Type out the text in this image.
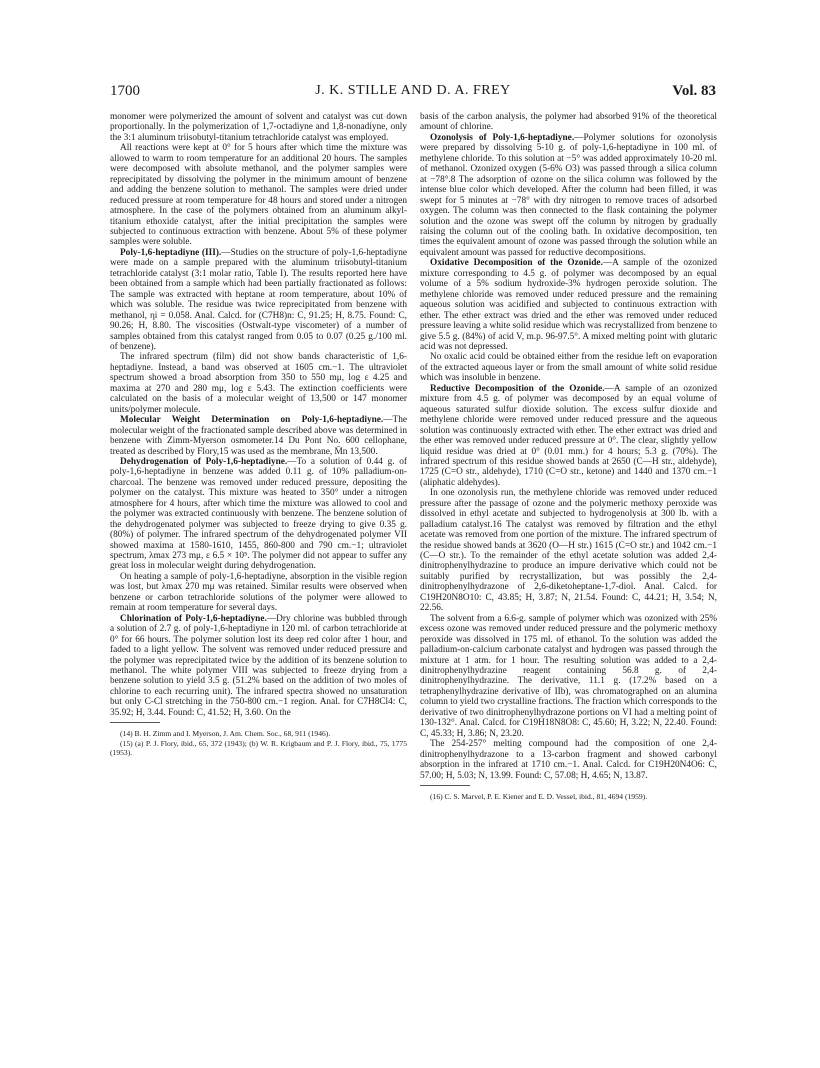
1700	J. K. STILLE AND D. A. FREY	Vol. 83

monomer were polymerized the amount of solvent and catalyst was cut down proportionally. In the polymerization of 1,7-octadiyne and 1,8-nonadiyne, only the 3:1 aluminum triisobutyl-titanium tetrachloride catalyst was employed.

All reactions were kept at 0° for 5 hours after which time the mixture was allowed to warm to room temperature for an additional 20 hours. The samples were decomposed with absolute methanol, and the polymer samples were reprecipitated by dissolving the polymer in the minimum amount of benzene and adding the benzene solution to methanol. The samples were dried under reduced pressure at room temperature for 48 hours and stored under a nitrogen atmosphere. In the case of the polymers obtained from an aluminum alkyl-titanium ethoxide catalyst, after the initial precipitation the samples were subjected to continuous extraction with benzene. About 5% of these polymer samples were soluble.

Poly-1,6-heptadiyne (III).—Studies on the structure of poly-1,6-heptadiyne were made on a sample prepared with the aluminum triisobutyl-titanium tetrachloride catalyst (3:1 molar ratio, Table I). The results reported here have been obtained from a sample which had been partially fractionated as follows: The sample was extracted with heptane at room temperature, about 10% of which was soluble. The residue was twice reprecipitated from benzene with methanol, ηi = 0.058. Anal. Calcd. for (C7H8)n: C, 91.25; H, 8.75. Found: C, 90.26; H, 8.80. The viscosities (Ostwalt-type viscometer) of a number of samples obtained from this catalyst ranged from 0.05 to 0.07 (0.25 g./100 ml. of benzene).

The infrared spectrum (film) did not show bands characteristic of 1,6-heptadiyne. Instead, a band was observed at 1605 cm.−1. The ultraviolet spectrum showed a broad absorption from 350 to 550 mμ, log ε 4.25 and maxima at 270 and 280 mμ, log ε 5.43. The extinction coefficients were calculated on the basis of a molecular weight of 13,500 or 147 monomer units/polymer molecule.

Molecular Weight Determination on Poly-1,6-heptadiyne.—The molecular weight of the fractionated sample described above was determined in benzene with Zimm-Myerson osmometer.14 Du Pont No. 600 cellophane, treated as described by Flory,15 was used as the membrane, M̄n 13,500.

Dehydrogenation of Poly-1,6-heptadiyne.—To a solution of 0.44 g. of poly-1,6-heptadiyne in benzene was added 0.11 g. of 10% palladium-on-charcoal. The benzene was removed under reduced pressure, depositing the polymer on the catalyst. This mixture was heated to 350° under a nitrogen atmosphere for 4 hours, after which time the mixture was allowed to cool and the polymer was extracted continuously with benzene. The benzene solution of the dehydrogenated polymer was subjected to freeze drying to give 0.35 g. (80%) of polymer. The infrared spectrum of the dehydrogenated polymer VII showed maxima at 1580-1610, 1455, 860-800 and 790 cm.−1; ultraviolet spectrum, λmax 273 mμ, ε 6.5 × 10⁵. The polymer did not appear to suffer any great loss in molecular weight during dehydrogenation.

On heating a sample of poly-1,6-heptadiyne, absorption in the visible region was lost, but λmax 270 mμ was retained. Similar results were observed when benzene or carbon tetrachloride solutions of the polymer were allowed to remain at room temperature for several days.

Chlorination of Poly-1,6-heptadiyne.—Dry chlorine was bubbled through a solution of 2.7 g. of poly-1,6-heptadiyne in 120 ml. of carbon tetrachloride at 0° for 66 hours. The polymer solution lost its deep red color after 1 hour, and faded to a light yellow. The solvent was removed under reduced pressure and the polymer was reprecipitated twice by the addition of its benzene solution to methanol. The white polymer VIII was subjected to freeze drying from a benzene solution to yield 3.5 g. (51.2% based on the addition of two moles of chlorine to each recurring unit). The infrared spectra showed no unsaturation but only C-Cl stretching in the 750-800 cm.−1 region. Anal. for C7H8Cl4: C, 35.92; H, 3.44. Found: C, 41.52; H, 3.60. On the

(14) B. H. Zimm and I. Myerson, J. Am. Chem. Soc., 68, 911 (1946).

(15) (a) P. J. Flory, ibid., 65, 372 (1943); (b) W. R. Krigbaum and P. J. Flory, ibid., 75, 1775 (1953).

basis of the carbon analysis, the polymer had absorbed 91% of the theoretical amount of chlorine.

Ozonolysis of Poly-1,6-heptadiyne.—Polymer solutions for ozonolysis were prepared by dissolving 5-10 g. of poly-1,6-heptadiyne in 100 ml. of methylene chloride. To this solution at −5° was added approximately 10-20 ml. of methanol. Ozonized oxygen (5-6% O3) was passed through a silica column at −78°.8 The adsorption of ozone on the silica column was followed by the intense blue color which developed. After the column had been filled, it was swept for 5 minutes at −78° with dry nitrogen to remove traces of adsorbed oxygen. The column was then connected to the flask containing the polymer solution and the ozone was swept off the column by nitrogen by gradually raising the column out of the cooling bath. In oxidative decomposition, ten times the equivalent amount of ozone was passed through the solution while an equivalent amount was passed for reductive decompositions.

Oxidative Decomposition of the Ozonide.—A sample of the ozonized mixture corresponding to 4.5 g. of polymer was decomposed by an equal volume of a 5% sodium hydroxide-3% hydrogen peroxide solution. The methylene chloride was removed under reduced pressure and the remaining aqueous solution was acidified and subjected to continuous extraction with ether. The ether extract was dried and the ether was removed under reduced pressure leaving a white solid residue which was recrystallized from benzene to give 5.5 g. (84%) of acid V, m.p. 96-97.5°. A mixed melting point with glutaric acid was not depressed.

No oxalic acid could be obtained either from the residue left on evaporation of the extracted aqueous layer or from the small amount of white solid residue which was insoluble in benzene.

Reductive Decomposition of the Ozonide.—A sample of an ozonized mixture from 4.5 g. of polymer was decomposed by an equal volume of aqueous saturated sulfur dioxide solution. The excess sulfur dioxide and methylene chloride were removed under reduced pressure and the aqueous solution was continuously extracted with ether. The ether extract was dried and the ether was removed under reduced pressure at 0°. The clear, slightly yellow liquid residue was dried at 0° (0.01 mm.) for 4 hours; 5.3 g. (70%). The infrared spectrum of this residue showed bands at 2650 (C—H str., aldehyde), 1725 (C=O str., aldehyde), 1710 (C=O str., ketone) and 1440 and 1370 cm.−1 (aliphatic aldehydes).

In one ozonolysis run, the methylene chloride was removed under reduced pressure after the passage of ozone and the polymeric methoxy peroxide was dissolved in ethyl acetate and subjected to hydrogenolysis at 300 lb. with a palladium catalyst.16 The catalyst was removed by filtration and the ethyl acetate was removed from one portion of the mixture. The infrared spectrum of the residue showed bands at 3620 (O—H str.) 1615 (C=O str.) and 1042 cm.−1 (C—O str.). To the remainder of the ethyl acetate solution was added 2,4-dinitrophenylhydrazine to produce an impure derivative which could not be suitably purified by recrystallization, but was possibly the 2,4-dinitrophenylhydrazone of 2,6-diketoheptane-1,7-diol. Anal. Calcd. for C19H20N8O10: C, 43.85; H, 3.87; N, 21.54. Found: C, 44.21; H, 3.54; N, 22.56.

The solvent from a 6.6-g. sample of polymer which was ozonized with 25% excess ozone was removed under reduced pressure and the polymeric methoxy peroxide was dissolved in 175 ml. of ethanol. To the solution was added the palladium-on-calcium carbonate catalyst and hydrogen was passed through the mixture at 1 atm. for 1 hour. The resulting solution was added to a 2,4-dinitrophenylhydrazine reagent containing 56.8 g. of 2,4-dinitrophenylhydrazine. The derivative, 11.1 g. (17.2% based on a tetraphenylhydrazine derivative of IIb), was chromatographed on an alumina column to yield two crystalline fractions. The fraction which corresponds to the derivative of two dinitrophenylhydrazone portions on VI had a melting point of 130-132°. Anal. Calcd. for C19H18N8O8: C, 45.60; H, 3.22; N, 22.40. Found: C, 45.33; H, 3.86; N, 23.20.

The 254-257° melting compound had the composition of one 2,4-dinitrophenylhydrazone to a 13-carbon fragment and showed carbonyl absorption in the infrared at 1710 cm.−1. Anal. Calcd. for C19H20N4O6: C, 57.00; H, 5.03; N, 13.99. Found: C, 57.08; H, 4.65; N, 13.87.

(16) C. S. Marvel, P. E. Kiener and E. D. Vessel, ibid., 81, 4694 (1959).
